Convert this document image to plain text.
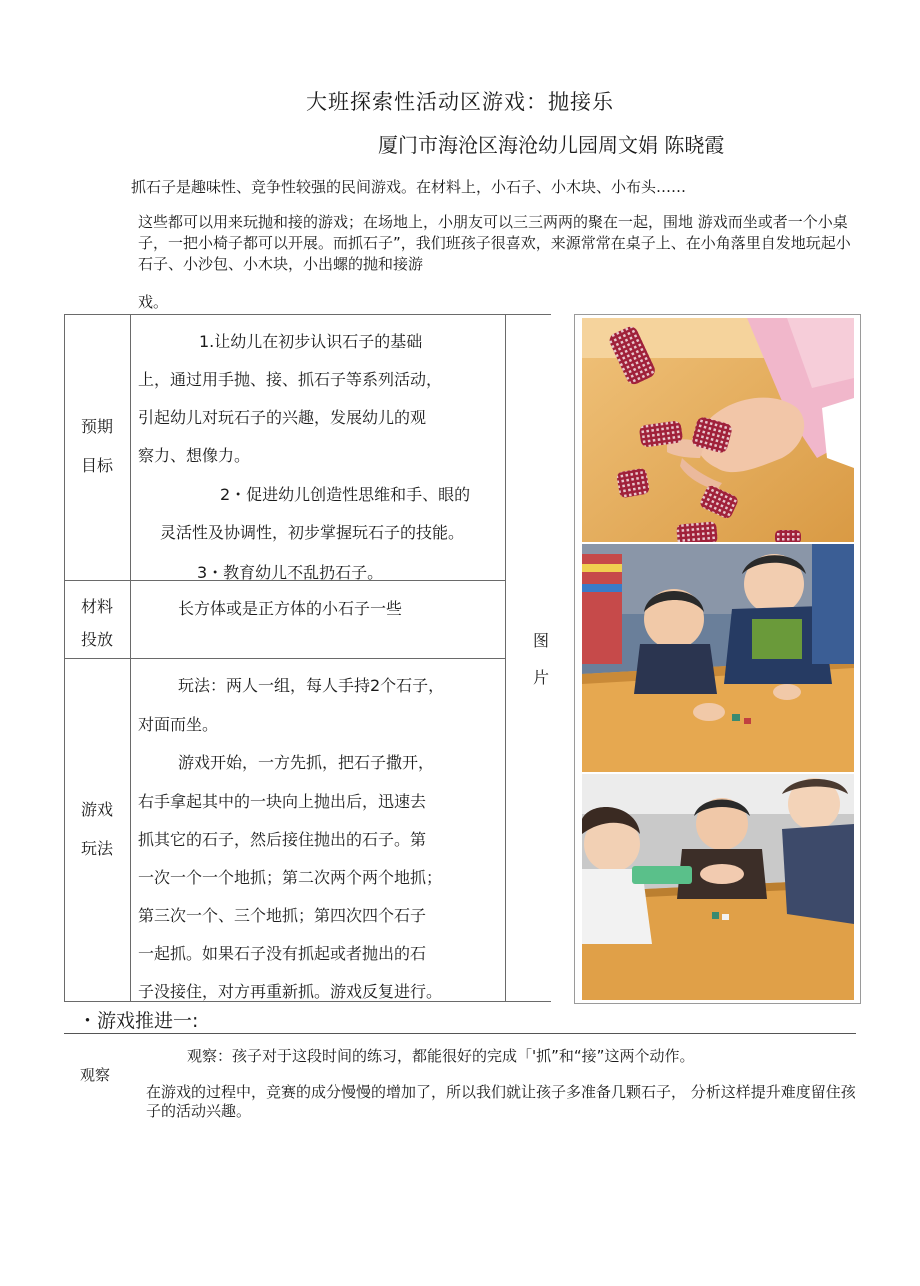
大班探索性活动区游戏：抛接乐
厦门市海沧区海沧幼儿园周文娟 陈晓霞
抓石子是趣味性、竞争性较强的民间游戏。在材料上，小石子、小木块、小布头……
这些都可以用来玩抛和接的游戏；在场地上，小朋友可以三三两两的聚在一起，围地 游戏而坐或者一个小桌子，一把小椅子都可以开展。而抓石子”，我们班孩子很喜欢，来源常常在桌子上、在小角落里自发地玩起小石子、小沙包、小木块，小出螺的抛和接游
戏。
预期
目标
1.让幼儿在初步认识石子的基础
上，通过用手抛、接、抓石子等系列活动，
引起幼儿对玩石子的兴趣，发展幼儿的观
察力、想像力。
2・促进幼儿创造性思维和手、眼的
灵活性及协调性，初步掌握玩石子的技能。
3・教育幼儿不乱扔石子。
材料
投放
长方体或是正方体的小石子一些
游戏
玩法
玩法：两人一组，每人手持2个石子，
对面而坐。
游戏开始，一方先抓，把石子撒开，
右手拿起其中的一块向上抛出后，迅速去
抓其它的石子，然后接住抛出的石子。第
一次一个一个地抓；第二次两个两个地抓；
第三次一个、三个地抓；第四次四个石子
一起抓。如果石子没有抓起或者抛出的石
子没接住，对方再重新抓。游戏反复进行。
图
片
・游戏推进一:
观察
观察：孩子对于这段时间的练习，都能很好的完成「'抓”和“接”这两个动作。
在游戏的过程中，竞赛的成分慢慢的增加了，所以我们就让孩子多准备几颗石子， 分析这样提升难度留住孩子的活动兴趣。
